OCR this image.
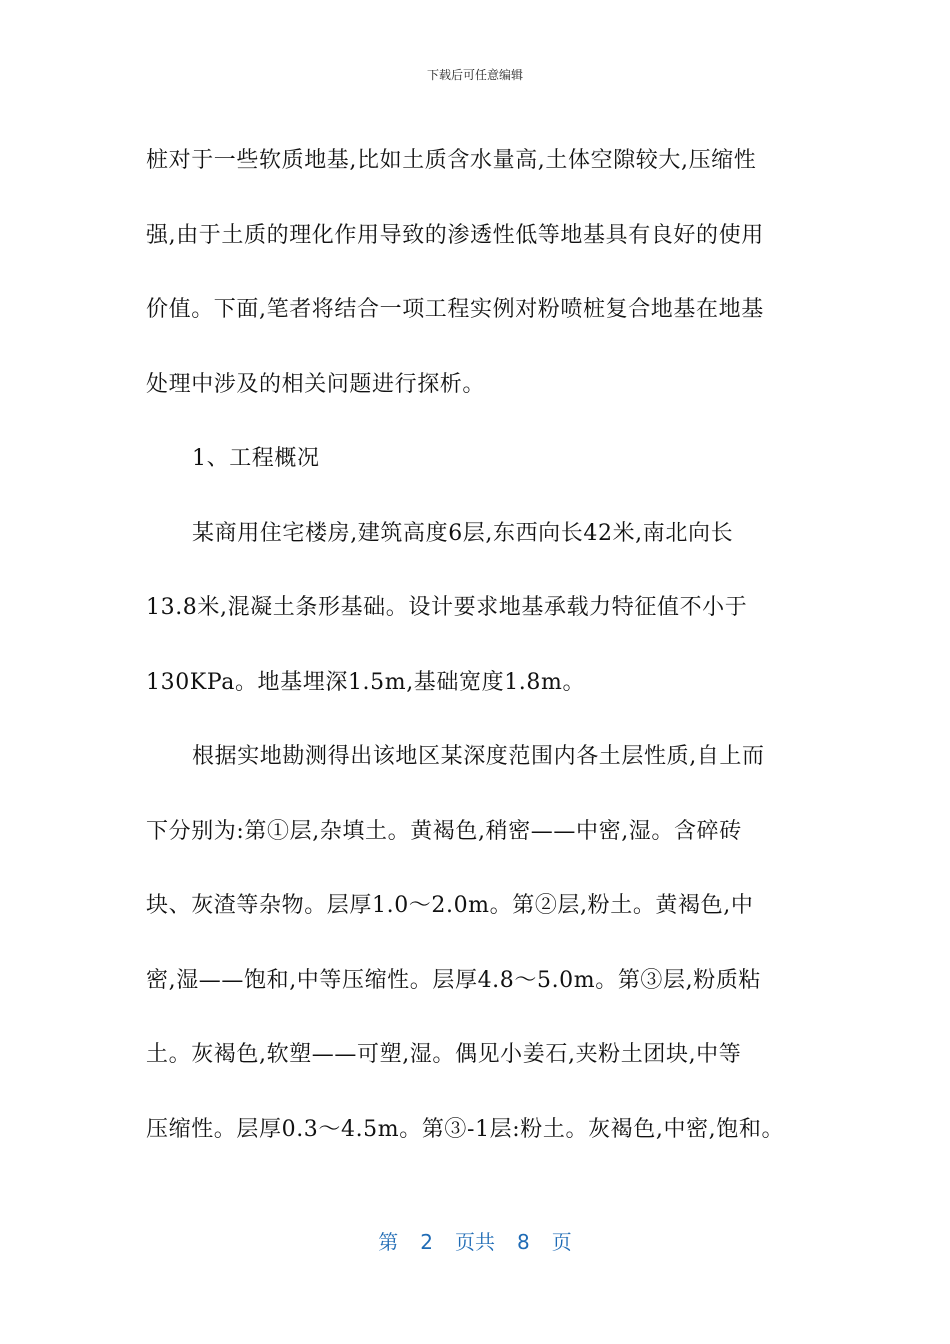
下载后可任意编辑

桩对于一些软质地基,比如土质含水量高,土体空隙较大,压缩性

强,由于土质的理化作用导致的渗透性低等地基具有良好的使用

价值。下面,笔者将结合一项工程实例对粉喷桩复合地基在地基

处理中涉及的相关问题进行探析。

1、工程概况

某商用住宅楼房,建筑高度6层,东西向长42米,南北向长

13.8米,混凝土条形基础。设计要求地基承载力特征值不小于

130KPa。地基埋深1.5m,基础宽度1.8m。

根据实地勘测得出该地区某深度范围内各土层性质,自上而

下分别为:第①层,杂填土。黄褐色,稍密——中密,湿。含碎砖

块、灰渣等杂物。层厚1.0～2.0m。第②层,粉土。黄褐色,中

密,湿——饱和,中等压缩性。层厚4.8～5.0m。第③层,粉质粘

土。灰褐色,软塑——可塑,湿。偶见小姜石,夹粉土团块,中等

压缩性。层厚0.3～4.5m。第③-1层:粉土。灰褐色,中密,饱和。

第 2 页共 8 页
